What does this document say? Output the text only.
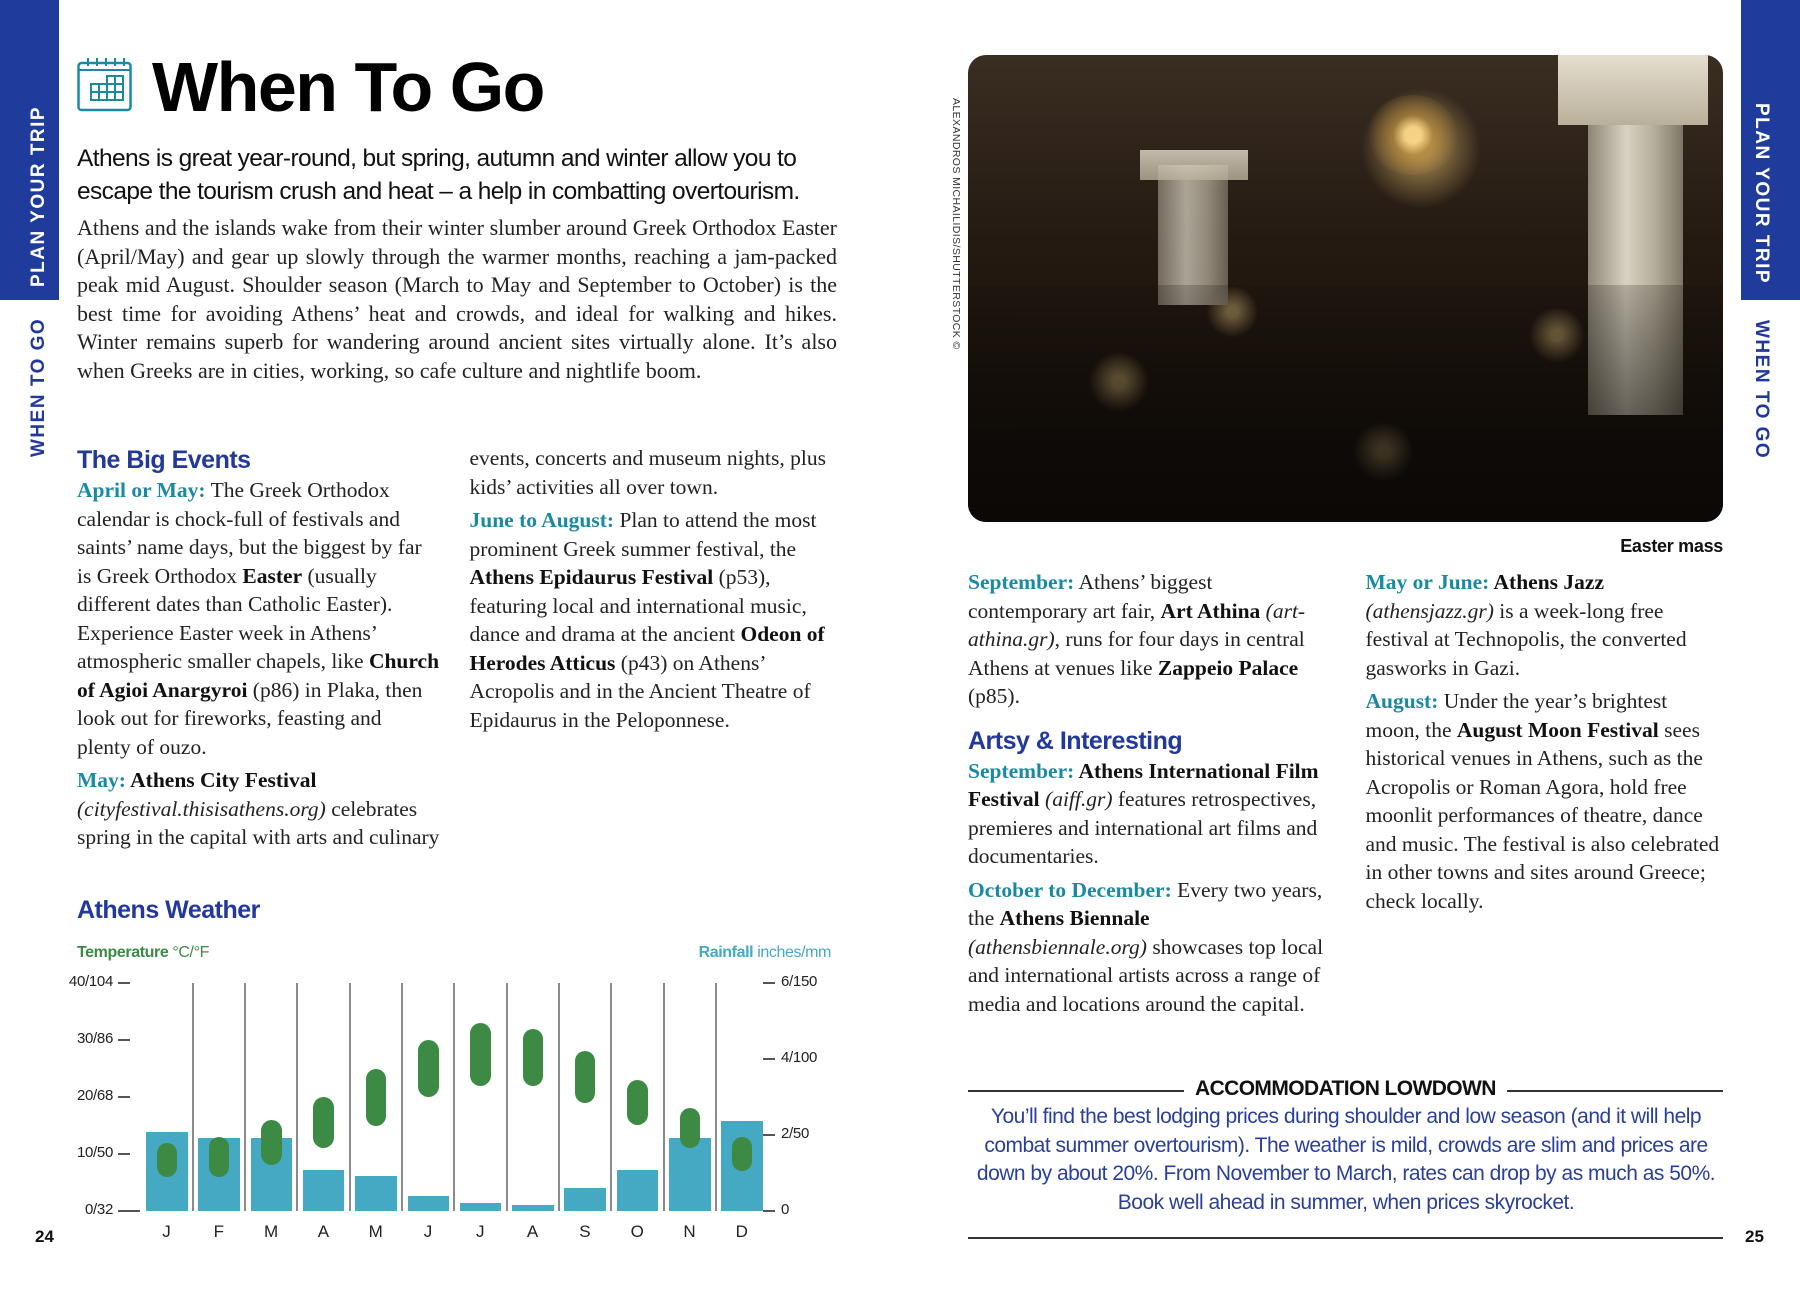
PLAN YOUR TRIP
WHEN TO GO
When To Go
Athens is great year-round, but spring, autumn and winter allow you to escape the tourism crush and heat – a help in combatting overtourism.
Athens and the islands wake from their winter slumber around Greek Orthodox Easter (April/May) and gear up slowly through the warmer months, reaching a jam-packed peak mid August. Shoulder season (March to May and September to October) is the best time for avoiding Athens’ heat and crowds, and ideal for walking and hikes. Winter remains superb for wandering around ancient sites virtually alone. It’s also when Greeks are in cities, working, so cafe culture and nightlife boom.
The Big Events

April or May: The Greek Orthodox calendar is chock-full of festivals and saints’ name days, but the biggest by far is Greek Orthodox Easter (usually different dates than Catholic Easter). Experience Easter week in Athens’ atmospheric smaller chapels, like Church of Agioi Anargyroi (p86) in Plaka, then look out for fireworks, feasting and plenty of ouzo.

May: Athens City Festival (cityfestival.thisisathens.org) celebrates spring in the capital with arts and culinary events, concerts and museum nights, plus kids’ activities all over town.

June to August: Plan to attend the most prominent Greek summer festival, the Athens Epidaurus Festival (p53), featuring local and international music, dance and drama at the ancient Odeon of Herodes Atticus (p43) on Athens’ Acropolis and in the Ancient Theatre of Epidaurus in the Peloponnese.

Athens Weather
Temperature °C/°F	Rainfall inches/mm
40/104
30/86
20/68
10/50
0/32
6/150
4/100
2/50
0
J	F	M	A	M	J	J	A	S	O	N	D
24
ALEXANDROS MICHAILIDIS/SHUTTERSTOCK ©
Easter mass

September: Athens’ biggest contemporary art fair, Art Athina (art-athina.gr), runs for four days in central Athens at venues like Zappeio Palace (p85).

Artsy & Interesting

September: Athens International Film Festival (aiff.gr) features retrospectives, premieres and international art films and documentaries.

October to December: Every two years, the Athens Biennale (athensbiennale.org) showcases top local and international artists across a range of media and locations around the capital.

May or June: Athens Jazz (athensjazz.gr) is a week-long free festival at Technopolis, the converted gasworks in Gazi.

August: Under the year’s brightest moon, the August Moon Festival sees historical venues in Athens, such as the Acropolis or Roman Agora, hold free moonlit performances of theatre, dance and music. The festival is also celebrated in other towns and sites around Greece; check locally.

ACCOMMODATION LOWDOWN
You’ll find the best lodging prices during shoulder and low season (and it will help combat summer overtourism). The weather is mild, crowds are slim and prices are down by about 20%. From November to March, rates can drop by as much as 50%. Book well ahead in summer, when prices skyrocket.
25
PLAN YOUR TRIP
WHEN TO GO
